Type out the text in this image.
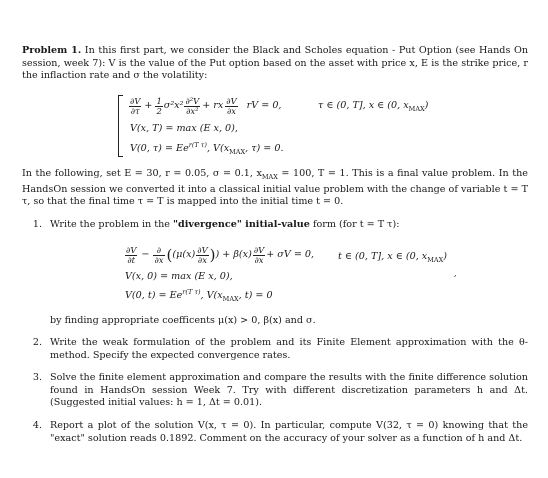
Problem 1. In this first part, we consider the Black and Scholes equation - Put Option (see Hands On session, week 7): V is the value of the Put option based on the asset with price x, E is the strike price, r the inflaction rate and σ the volatility:
$\frac{\partial V}{\partial\tau} + \frac{1}{2} \sigma^2x^2 \frac{\text{∂²V}}{\text{∂x²}}$ + rx $\frac{\partial V}{\partial x}$ rV = 0,	τ ∈ (0, T], x ∈ (0, $x_{MAX}$)
V(x, T) = max (E x, 0),
V(0, $\tau) = Ee^{r(T \tau)}$, $V(x_{MAX}$, τ) = 0.
In the following, set E = 30, r = 0.05, σ = 0.1, $x_{MAX} = 100$, T = 1. This is a final value problem. In the HandsOn session we converted it into a classical initial value problem with the change of variable t = T τ, so that the final time τ = T is mapped into the initial time t = 0.
1. Write the problem in the "divergence" initial-value form (for t = T τ):
$\frac{\partial V}{\partial t} - \frac{\partial}{\partial x}$ ( ($\mu(x) \frac{\partial V}{\partial x}$ ) ) + $\beta(x) \frac{\partial V}{\partial x} + \sigma V = 0$, t ∈ (0, T], x ∈ (0, $x_{MAX}$)
,
V(x, 0) = max (E x, 0),
V(0, $t) = Ee^{r(T \tau)}$, $V(x_{MAX}$, t) = 0
by finding appropriate coefficents μ(x) > 0, β(x) and σ.
2. Write the weak formulation of the problem and its Finite Element approximation with the θ-method. Specify the expected convergence rates.
3. Solve the finite element approximation and compare the results with the finite difference solution found in HandsOn session Week 7. Try with different discretization parameters h and Δt. (Suggested initial values: h = 1, Δt = 0.01).
4. Report a plot of the solution V(x, τ = 0). In particular, compute V(32, τ = 0) knowing that the "exact" solution reads 0.1892. Comment on the accuracy of your solver as a function of h and Δt.
